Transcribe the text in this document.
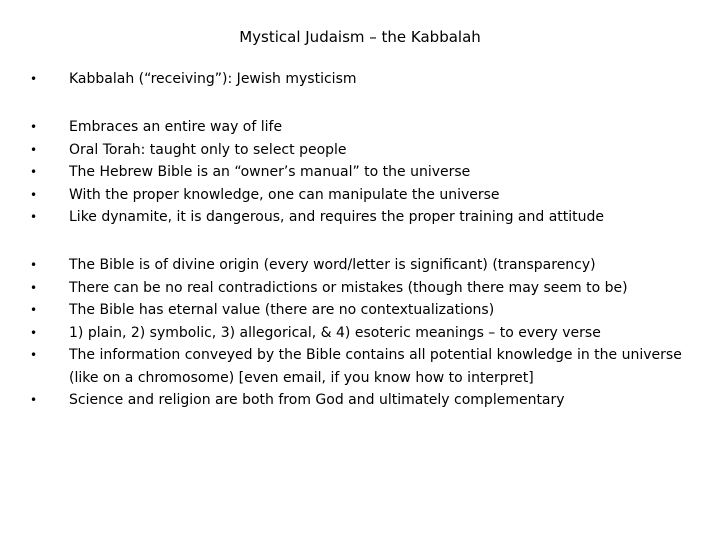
Mystical Judaism – the Kabbalah
•	Kabbalah (“receiving”): Jewish mysticism
•	Embraces an entire way of life
•	Oral Torah: taught only to select people
•	The Hebrew Bible is an “owner’s manual” to the universe
•	With the proper knowledge, one can manipulate the universe
•	Like dynamite, it is dangerous, and requires the proper training and attitude
•	The Bible is of divine origin (every word/letter is significant) (transparency)
•	There can be no real contradictions or mistakes (though there may seem to be)
•	The Bible has eternal value (there are no contextualizations)
•	1) plain, 2) symbolic, 3) allegorical, & 4) esoteric meanings – to every verse
•	The information conveyed by the Bible contains all potential knowledge in the universe (like on a chromosome) [even email, if you know how to interpret]
•	Science and religion are both from God and ultimately complementary
